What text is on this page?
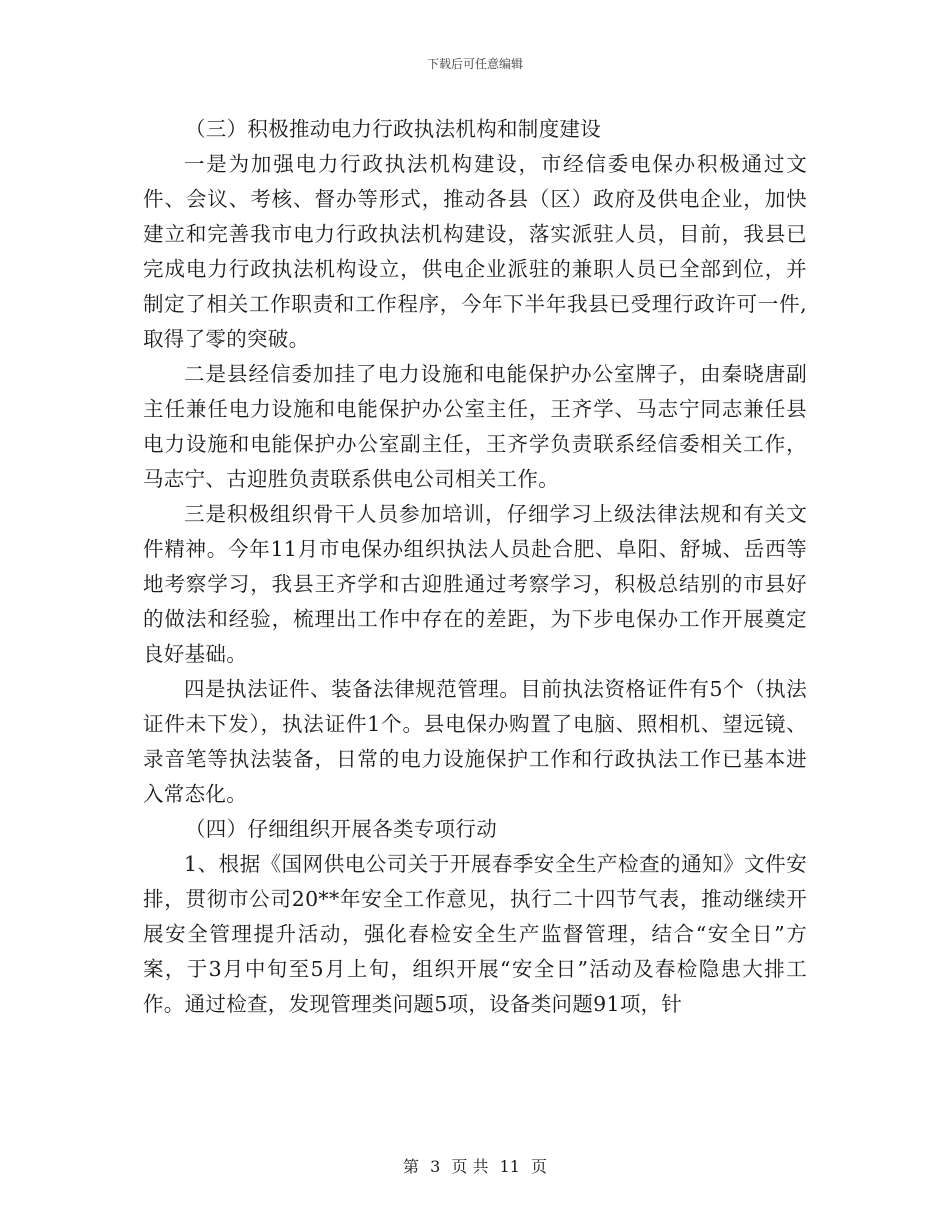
下载后可任意编辑

（三）积极推动电力行政执法机构和制度建设

一是为加强电力行政执法机构建设，市经信委电保办积极通过文件、会议、考核、督办等形式，推动各县（区）政府及供电企业，加快建立和完善我市电力行政执法机构建设，落实派驻人员，目前，我县已完成电力行政执法机构设立，供电企业派驻的兼职人员已全部到位，并制定了相关工作职责和工作程序，今年下半年我县已受理行政许可一件,取得了零的突破。

二是县经信委加挂了电力设施和电能保护办公室牌子，由秦晓唐副主任兼任电力设施和电能保护办公室主任，王齐学、马志宁同志兼任县电力设施和电能保护办公室副主任，王齐学负责联系经信委相关工作，马志宁、古迎胜负责联系供电公司相关工作。

三是积极组织骨干人员参加培训，仔细学习上级法律法规和有关文件精神。今年11月市电保办组织执法人员赴合肥、阜阳、舒城、岳西等地考察学习，我县王齐学和古迎胜通过考察学习，积极总结别的市县好的做法和经验，梳理出工作中存在的差距，为下步电保办工作开展奠定良好基础。

四是执法证件、装备法律规范管理。目前执法资格证件有5个（执法证件未下发），执法证件1个。县电保办购置了电脑、照相机、望远镜、录音笔等执法装备，日常的电力设施保护工作和行政执法工作已基本进入常态化。

（四）仔细组织开展各类专项行动

1、根据《国网供电公司关于开展春季安全生产检查的通知》文件安排，贯彻市公司20**年安全工作意见，执行二十四节气表，推动继续开展安全管理提升活动，强化春检安全生产监督管理，结合“安全日”方案，于3月中旬至5月上旬，组织开展“安全日”活动及春检隐患大排工作。通过检查，发现管理类问题5项，设备类问题91项，针

第 3 页 共 11 页
